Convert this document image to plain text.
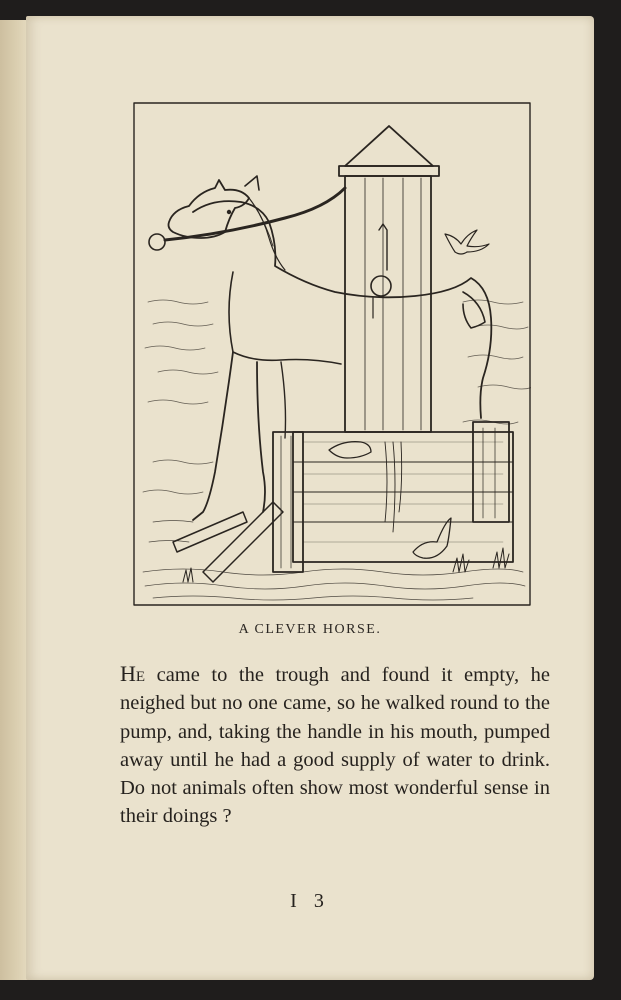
A CLEVER HORSE.
He came to the trough and found it empty, he neighed but no one came, so he walked round to the pump, and, taking the handle in his mouth, pumped away until he had a good supply of water to drink. Do not animals often show most wonderful sense in their doings ?
I 3
